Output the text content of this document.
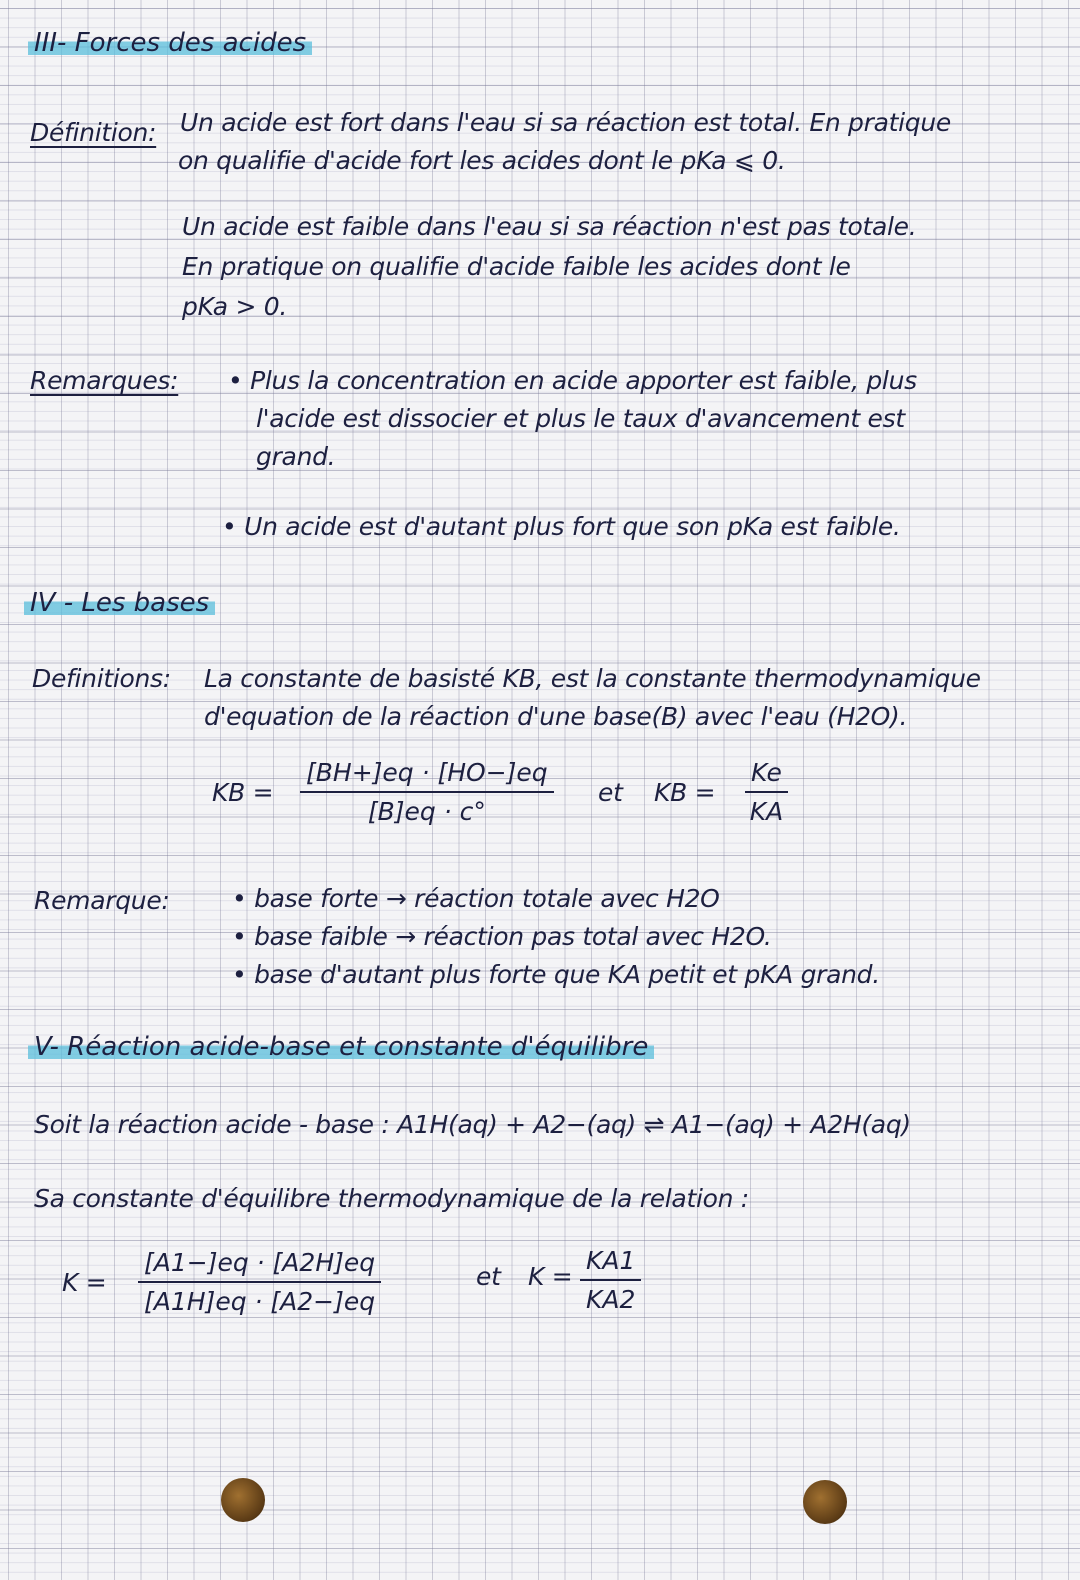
III- Forces des acides
Définition: Un acide est fort dans l'eau si sa réaction est total. En pratique
on qualifie d'acide fort les acides dont le pKa ⩽ 0.
Un acide est faible dans l'eau si sa réaction n'est pas totale.
En pratique on qualifie d'acide faible les acides dont le
pKa > 0.
Remarques: • Plus la concentration en acide apporter est faible, plus
l'acide est dissocier et plus le taux d'avancement est
grand.
• Un acide est d'autant plus fort que son pKa est faible.
IV - Les bases
Definitions: La constante de basisté KB, est la constante thermodynamique
d'equation de la réaction d'une base(B) avec l'eau (H2O).
KB = $\frac{[BH+]eq \cdot [HO-]eq}{[B]eq \cdot c^\circ}$ et KB = $\frac{Ke}{KA}$
Remarque: • base forte → réaction totale avec H2O
• base faible → réaction pas total avec H2O.
• base d'autant plus forte que KA petit et pKA grand.
V- Réaction acide-base et constante d'équilibre
Soit la réaction acide - base : A1H(aq) + A2−(aq) ⇌ A1−(aq) + A2H(aq)
Sa constante d'équilibre thermodynamique de la relation :
$K = \frac{[A1-]eq \cdot [A2H]eq}{[A1H]eq \cdot [A2-]eq}$	et $K = \frac{KA1}{KA2}$
